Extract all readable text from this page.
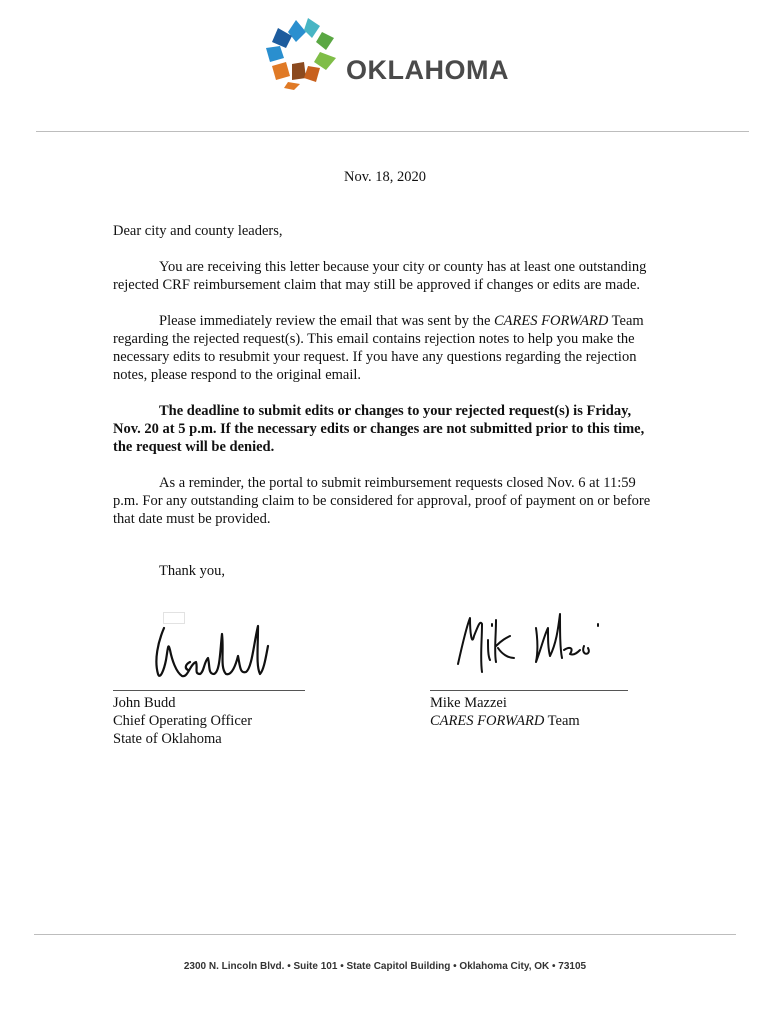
OKLAHOMA
Nov. 18, 2020

Dear city and county leaders,

You are receiving this letter because your city or county has at least one outstanding rejected CRF reimbursement claim that may still be approved if changes or edits are made.

Please immediately review the email that was sent by the CARES FORWARD Team regarding the rejected request(s). This email contains rejection notes to help you make the necessary edits to resubmit your request. If you have any questions regarding the rejection notes, please respond to the original email.

The deadline to submit edits or changes to your rejected request(s) is Friday, Nov. 20 at 5 p.m. If the necessary edits or changes are not submitted prior to this time, the request will be denied.

As a reminder, the portal to submit reimbursement requests closed Nov. 6 at 11:59 p.m. For any outstanding claim to be considered for approval, proof of payment on or before that date must be provided.

Thank you,
John Budd
Chief Operating Officer
State of Oklahoma
Mike Mazzei
CARES FORWARD Team
2300 N. Lincoln Blvd. • Suite 101 • State Capitol Building • Oklahoma City, OK • 73105
